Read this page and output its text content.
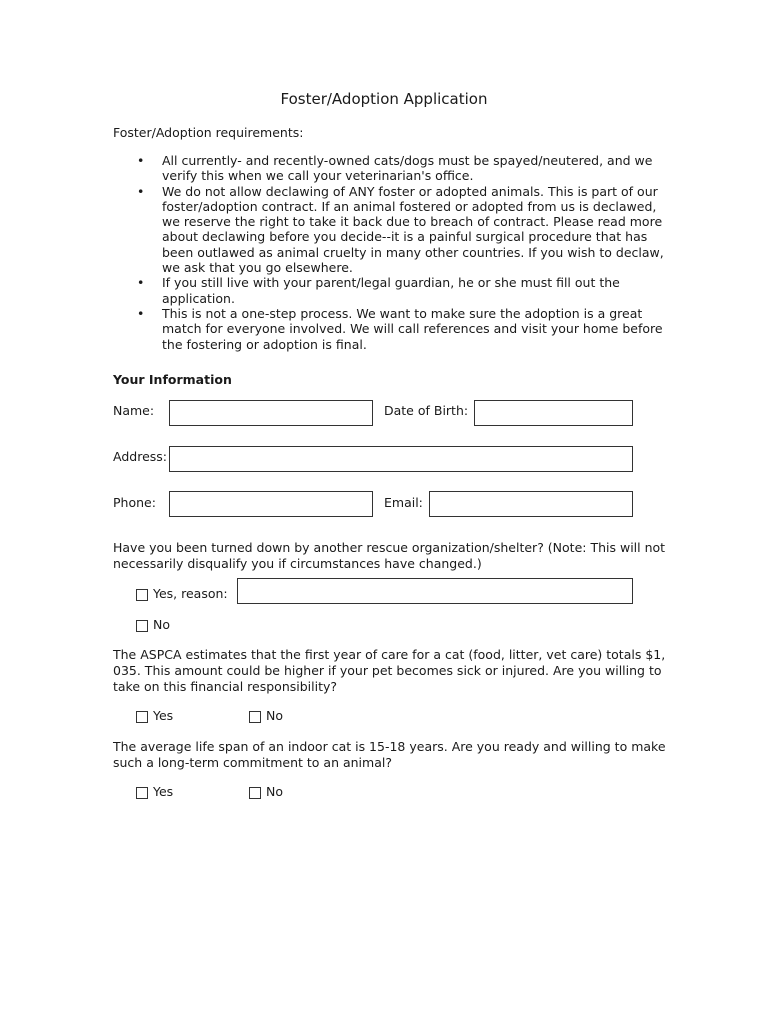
Foster/Adoption Application
Foster/Adoption requirements:
• All currently- and recently-owned cats/dogs must be spayed/neutered, and we verify this when we call your veterinarian's office.
• We do not allow declawing of ANY foster or adopted animals. This is part of our foster/adoption contract. If an animal fostered or adopted from us is declawed, we reserve the right to take it back due to breach of contract. Please read more about declawing before you decide--it is a painful surgical procedure that has been outlawed as animal cruelty in many other countries. If you wish to declaw, we ask that you go elsewhere.
• If you still live with your parent/legal guardian, he or she must fill out the application.
• This is not a one-step process. We want to make sure the adoption is a great match for everyone involved. We will call references and visit your home before the fostering or adoption is final.
Your Information
Name:	Date of Birth:
Address:
Phone:	Email:
Have you been turned down by another rescue organization/shelter? (Note: This will not necessarily disqualify you if circumstances have changed.)
Yes, reason:
No
The ASPCA estimates that the first year of care for a cat (food, litter, vet care) totals $1, 035. This amount could be higher if your pet becomes sick or injured. Are you willing to take on this financial responsibility?
Yes	No
The average life span of an indoor cat is 15-18 years. Are you ready and willing to make such a long-term commitment to an animal?
Yes	No
